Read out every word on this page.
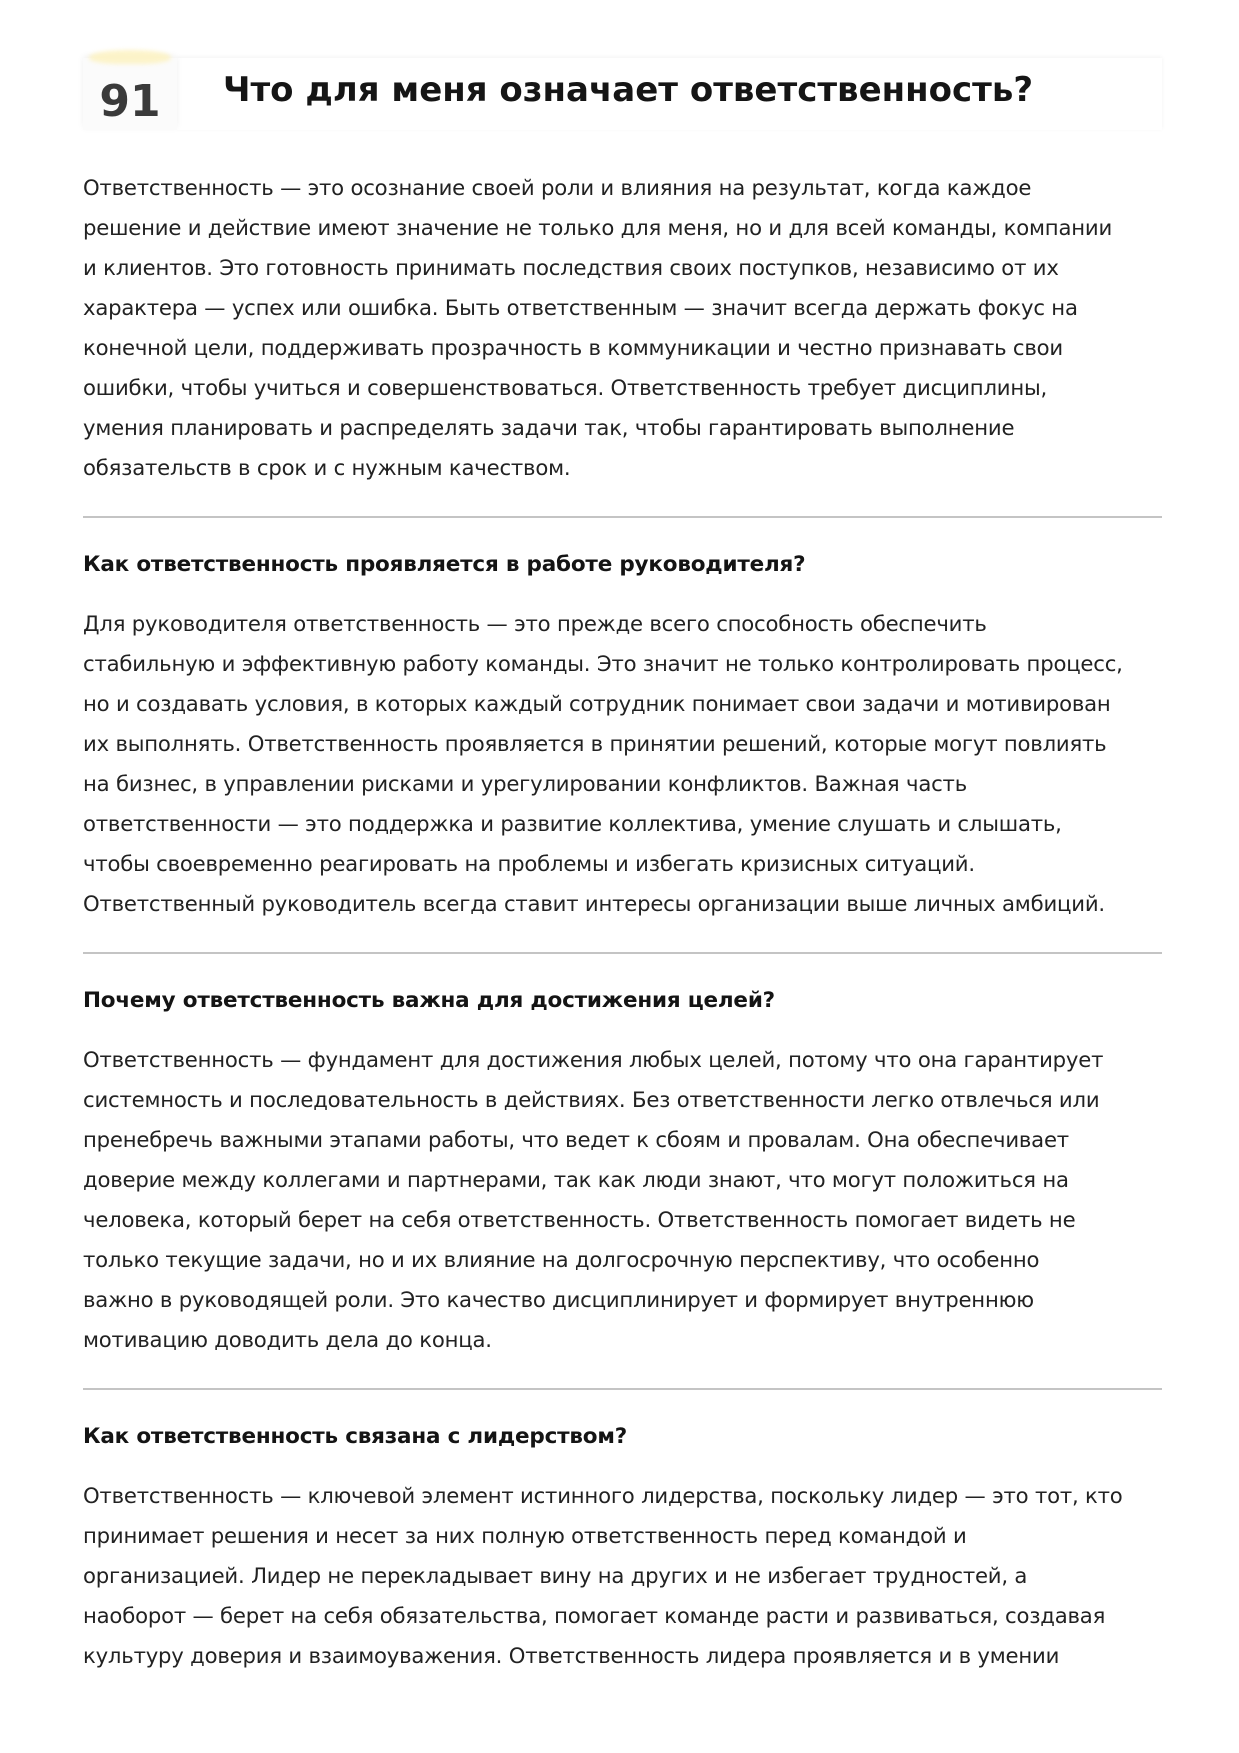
91	Что для меня означает ответственность?

Ответственность — это осознание своей роли и влияния на результат, когда каждое
решение и действие имеют значение не только для меня, но и для всей команды, компании
и клиентов. Это готовность принимать последствия своих поступков, независимо от их
характера — успех или ошибка. Быть ответственным — значит всегда держать фокус на
конечной цели, поддерживать прозрачность в коммуникации и честно признавать свои
ошибки, чтобы учиться и совершенствоваться. Ответственность требует дисциплины,
умения планировать и распределять задачи так, чтобы гарантировать выполнение
обязательств в срок и с нужным качеством.

Как ответственность проявляется в работе руководителя?

Для руководителя ответственность — это прежде всего способность обеспечить
стабильную и эффективную работу команды. Это значит не только контролировать процесс,
но и создавать условия, в которых каждый сотрудник понимает свои задачи и мотивирован
их выполнять. Ответственность проявляется в принятии решений, которые могут повлиять
на бизнес, в управлении рисками и урегулировании конфликтов. Важная часть
ответственности — это поддержка и развитие коллектива, умение слушать и слышать,
чтобы своевременно реагировать на проблемы и избегать кризисных ситуаций.
Ответственный руководитель всегда ставит интересы организации выше личных амбиций.

Почему ответственность важна для достижения целей?

Ответственность — фундамент для достижения любых целей, потому что она гарантирует
системность и последовательность в действиях. Без ответственности легко отвлечься или
пренебречь важными этапами работы, что ведет к сбоям и провалам. Она обеспечивает
доверие между коллегами и партнерами, так как люди знают, что могут положиться на
человека, который берет на себя ответственность. Ответственность помогает видеть не
только текущие задачи, но и их влияние на долгосрочную перспективу, что особенно
важно в руководящей роли. Это качество дисциплинирует и формирует внутреннюю
мотивацию доводить дела до конца.

Как ответственность связана с лидерством?

Ответственность — ключевой элемент истинного лидерства, поскольку лидер — это тот, кто
принимает решения и несет за них полную ответственность перед командой и
организацией. Лидер не перекладывает вину на других и не избегает трудностей, а
наоборот — берет на себя обязательства, помогает команде расти и развиваться, создавая
культуру доверия и взаимоуважения. Ответственность лидера проявляется и в умении
